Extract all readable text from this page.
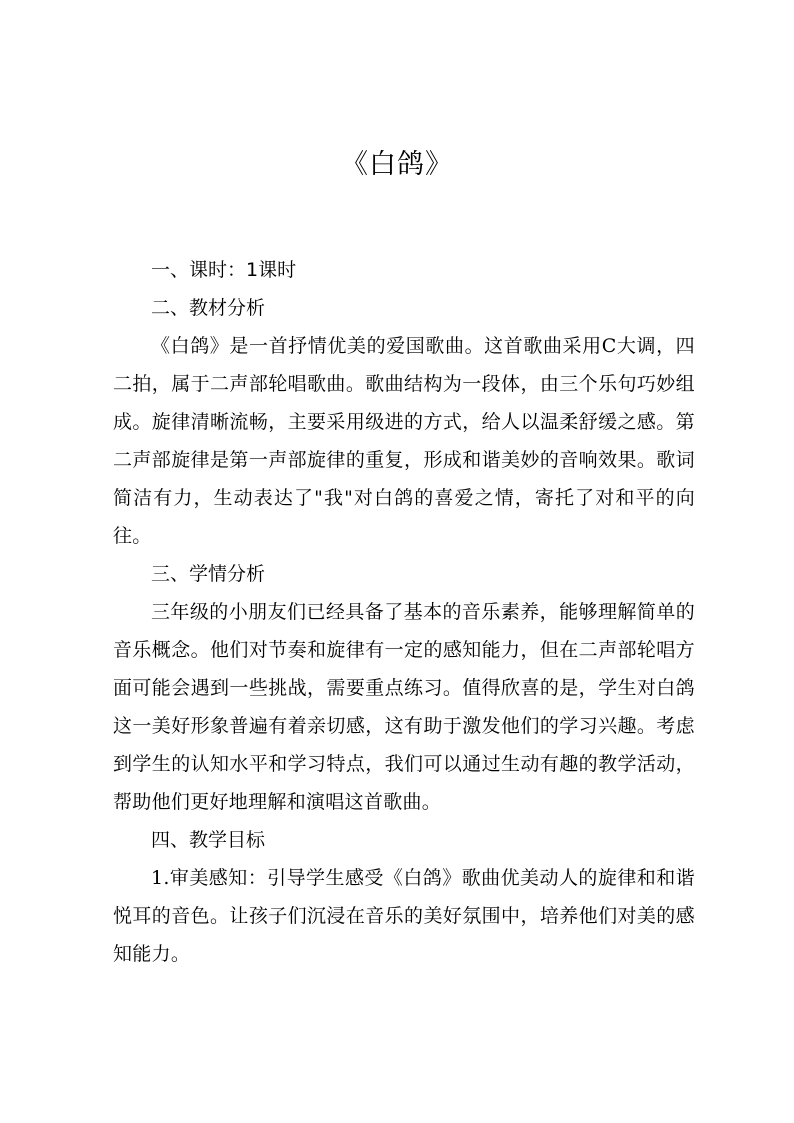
《白鸽》

一、课时：1课时

二、教材分析

《白鸽》是一首抒情优美的爱国歌曲。这首歌曲采用C大调，四二拍，属于二声部轮唱歌曲。歌曲结构为一段体，由三个乐句巧妙组成。旋律清晰流畅，主要采用级进的方式，给人以温柔舒缓之感。第二声部旋律是第一声部旋律的重复，形成和谐美妙的音响效果。歌词简洁有力，生动表达了"我"对白鸽的喜爱之情，寄托了对和平的向往。

三、学情分析

三年级的小朋友们已经具备了基本的音乐素养，能够理解简单的音乐概念。他们对节奏和旋律有一定的感知能力，但在二声部轮唱方面可能会遇到一些挑战，需要重点练习。值得欣喜的是，学生对白鸽这一美好形象普遍有着亲切感，这有助于激发他们的学习兴趣。考虑到学生的认知水平和学习特点，我们可以通过生动有趣的教学活动，帮助他们更好地理解和演唱这首歌曲。

四、教学目标

1.审美感知：引导学生感受《白鸽》歌曲优美动人的旋律和和谐悦耳的音色。让孩子们沉浸在音乐的美好氛围中，培养他们对美的感知能力。
